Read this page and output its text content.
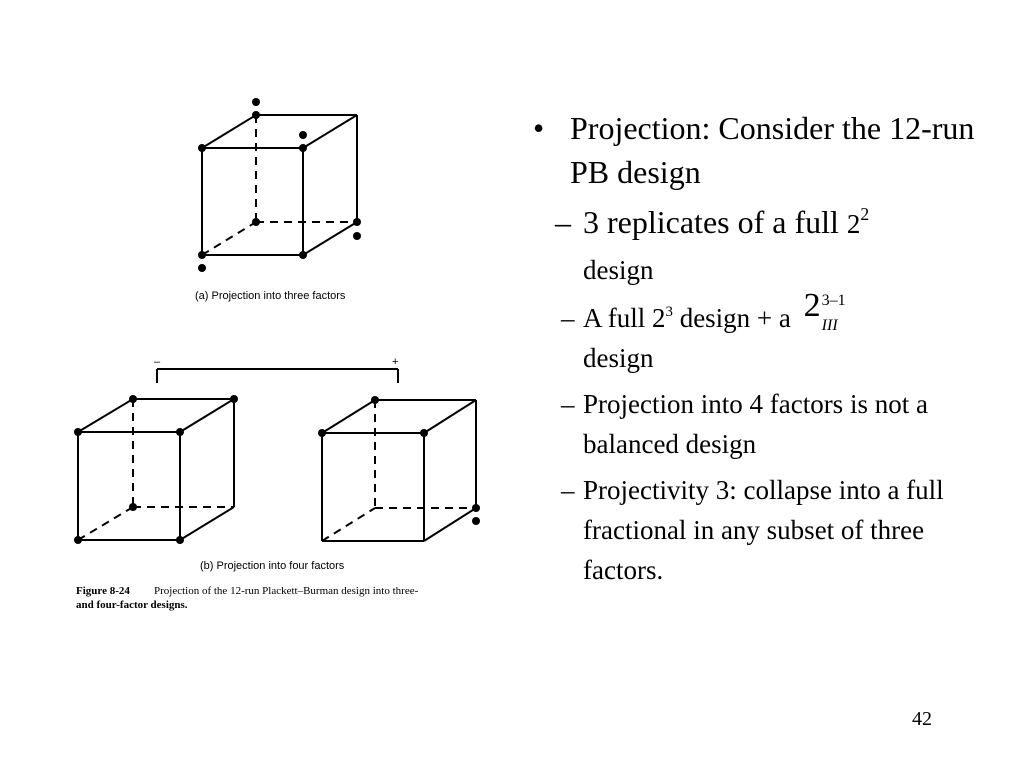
(a) Projection into three factors
–	+
(b) Projection into four factors
Figure 8-24 Projection of the 12-run Plackett–Burman design into three-
and four-factor designs.
• Projection: Consider the 12-run PB design
– 3 replicates of a full $2^2$
design
– A full $2^3$ design + a 2 3–1
III

design
– Projection into 4 factors is not a balanced design
– Projectivity 3: collapse into a full fractional in any subset of three factors.
42
